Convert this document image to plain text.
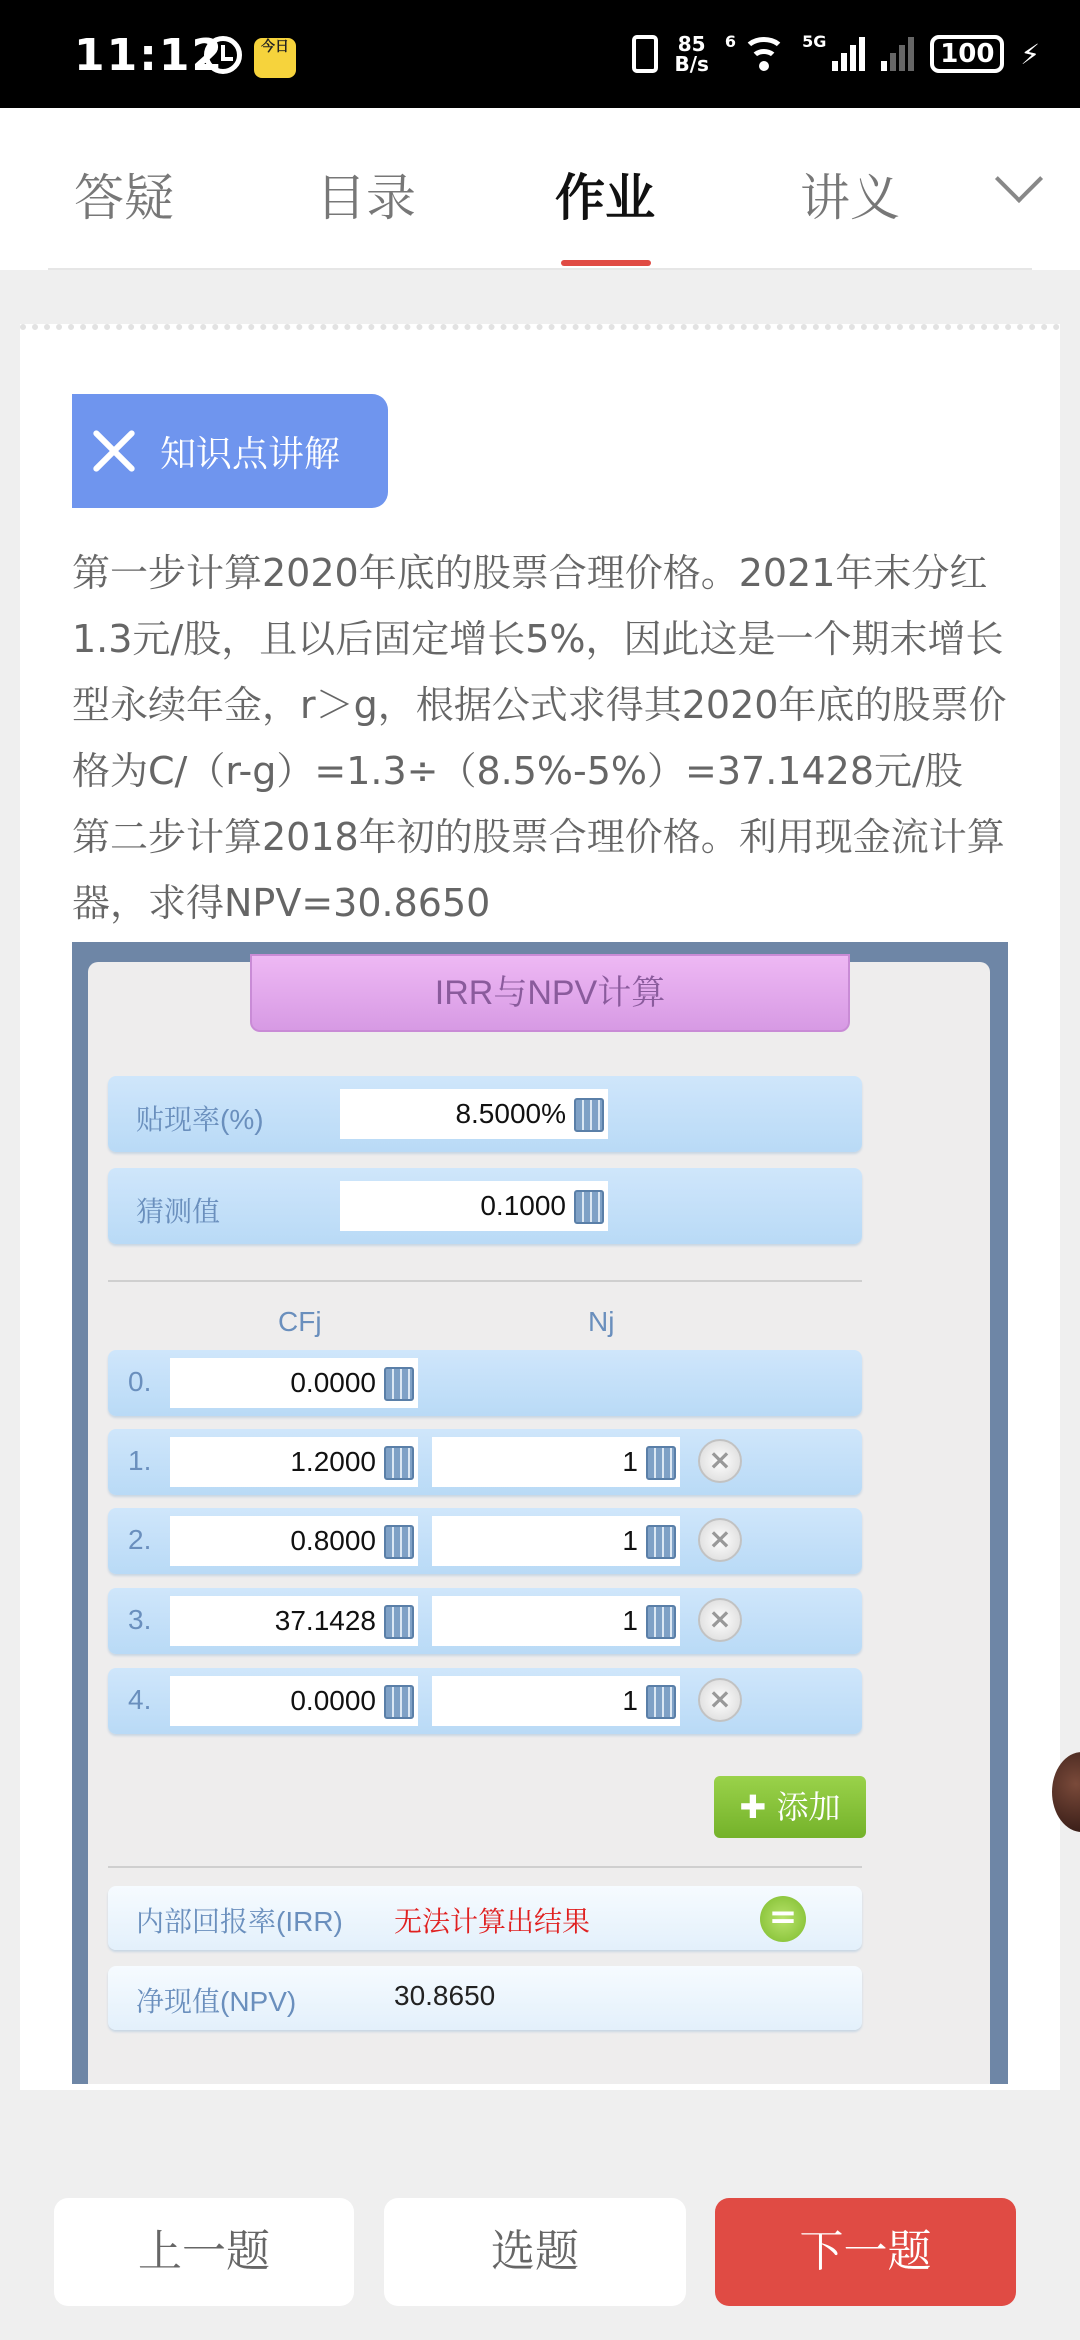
11:12	今日	85
B/s
6	5G	100 ⚡
答疑	目录	作业	讲义
知识点讲解
第一步计算2020年底的股票合理价格。2021年末分红1.3元/股，且以后固定增长5%，因此这是一个期末增长型永续年金，r＞g，根据公式求得其2020年底的股票价格为C/（r-g）=1.3÷（8.5%-5%）=37.1428元/股 第二步计算2018年初的股票合理价格。利用现金流计算器，求得NPV=30.8650
IRR与NPV计算
贴现率(%)	8.5000%
猜测值	0.1000
CFj	Nj
0.	0.0000
1.	1.2000	1	×
2.	0.8000	1	×
3.	37.1428	1	×
4.	0.0000	1	×
✚ 添加
内部回报率(IRR) 无法计算出结果	=
净现值(NPV)	30.8650
上一题	选题	下一题
